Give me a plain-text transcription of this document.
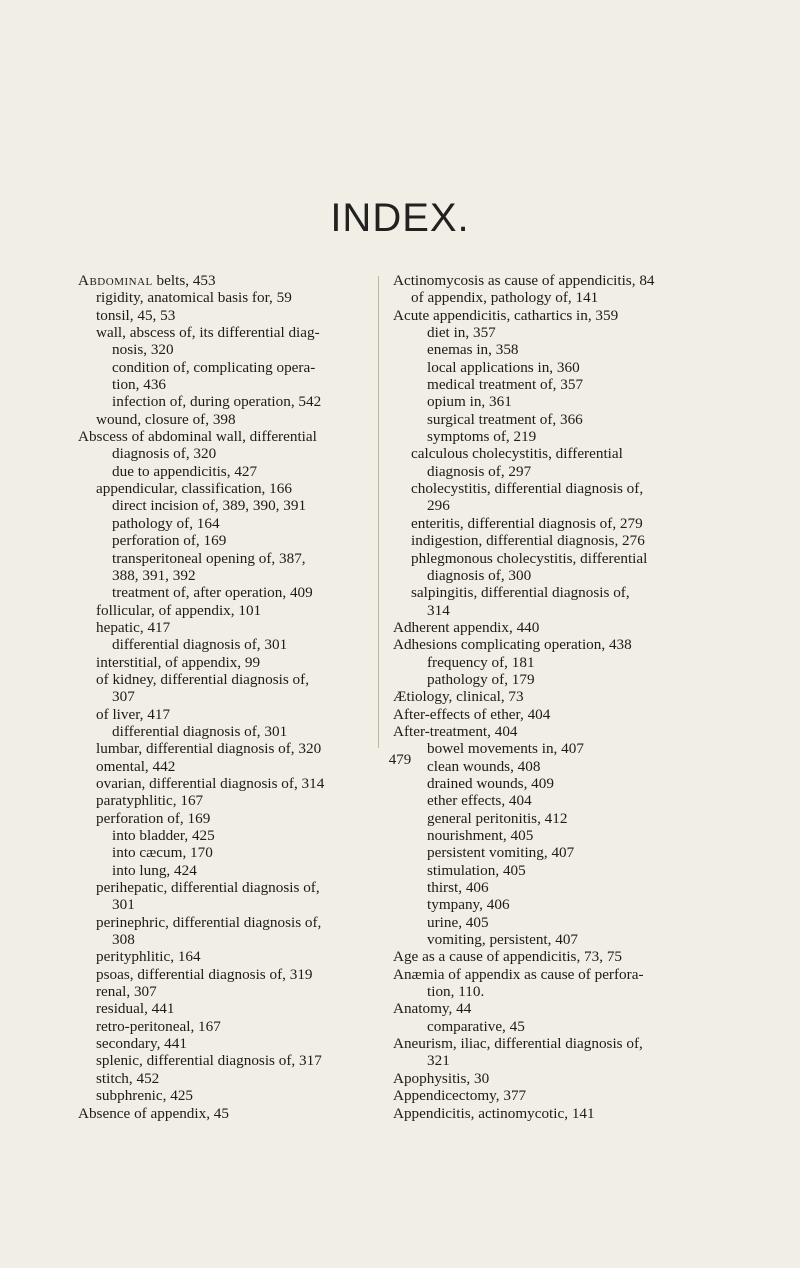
INDEX.
Abdominal belts, 453
rigidity, anatomical basis for, 59
tonsil, 45, 53
wall, abscess of, its differential diag-
nosis, 320
condition of, complicating opera-
tion, 436
infection of, during operation, 542
wound, closure of, 398
Abscess of abdominal wall, differential
diagnosis of, 320
due to appendicitis, 427
appendicular, classification, 166
direct incision of, 389, 390, 391
pathology of, 164
perforation of, 169
transperitoneal opening of, 387,
388, 391, 392
treatment of, after operation, 409
follicular, of appendix, 101
hepatic, 417
differential diagnosis of, 301
interstitial, of appendix, 99
of kidney, differential diagnosis of,
307
of liver, 417
differential diagnosis of, 301
lumbar, differential diagnosis of, 320
omental, 442
ovarian, differential diagnosis of, 314
paratyphlitic, 167
perforation of, 169
into bladder, 425
into cæcum, 170
into lung, 424
perihepatic, differential diagnosis of,
301
perinephric, differential diagnosis of,
308
perityphlitic, 164
psoas, differential diagnosis of, 319
renal, 307
residual, 441
retro-peritoneal, 167
secondary, 441
splenic, differential diagnosis of, 317
stitch, 452
subphrenic, 425
Absence of appendix, 45
Actinomycosis as cause of appendicitis, 84
of appendix, pathology of, 141
Acute appendicitis, cathartics in, 359
diet in, 357
enemas in, 358
local applications in, 360
medical treatment of, 357
opium in, 361
surgical treatment of, 366
symptoms of, 219
calculous cholecystitis, differential
diagnosis of, 297
cholecystitis, differential diagnosis of,
296
enteritis, differential diagnosis of, 279
indigestion, differential diagnosis, 276
phlegmonous cholecystitis, differential
diagnosis of, 300
salpingitis, differential diagnosis of,
314
Adherent appendix, 440
Adhesions complicating operation, 438
frequency of, 181
pathology of, 179
Ætiology, clinical, 73
After-effects of ether, 404
After-treatment, 404
bowel movements in, 407
clean wounds, 408
drained wounds, 409
ether effects, 404
general peritonitis, 412
nourishment, 405
persistent vomiting, 407
stimulation, 405
thirst, 406
tympany, 406
urine, 405
vomiting, persistent, 407
Age as a cause of appendicitis, 73, 75
Anæmia of appendix as cause of perfora-
tion, 110.
Anatomy, 44
comparative, 45
Aneurism, iliac, differential diagnosis of,
321
Apophysitis, 30
Appendicectomy, 377
Appendicitis, actinomycotic, 141
479
